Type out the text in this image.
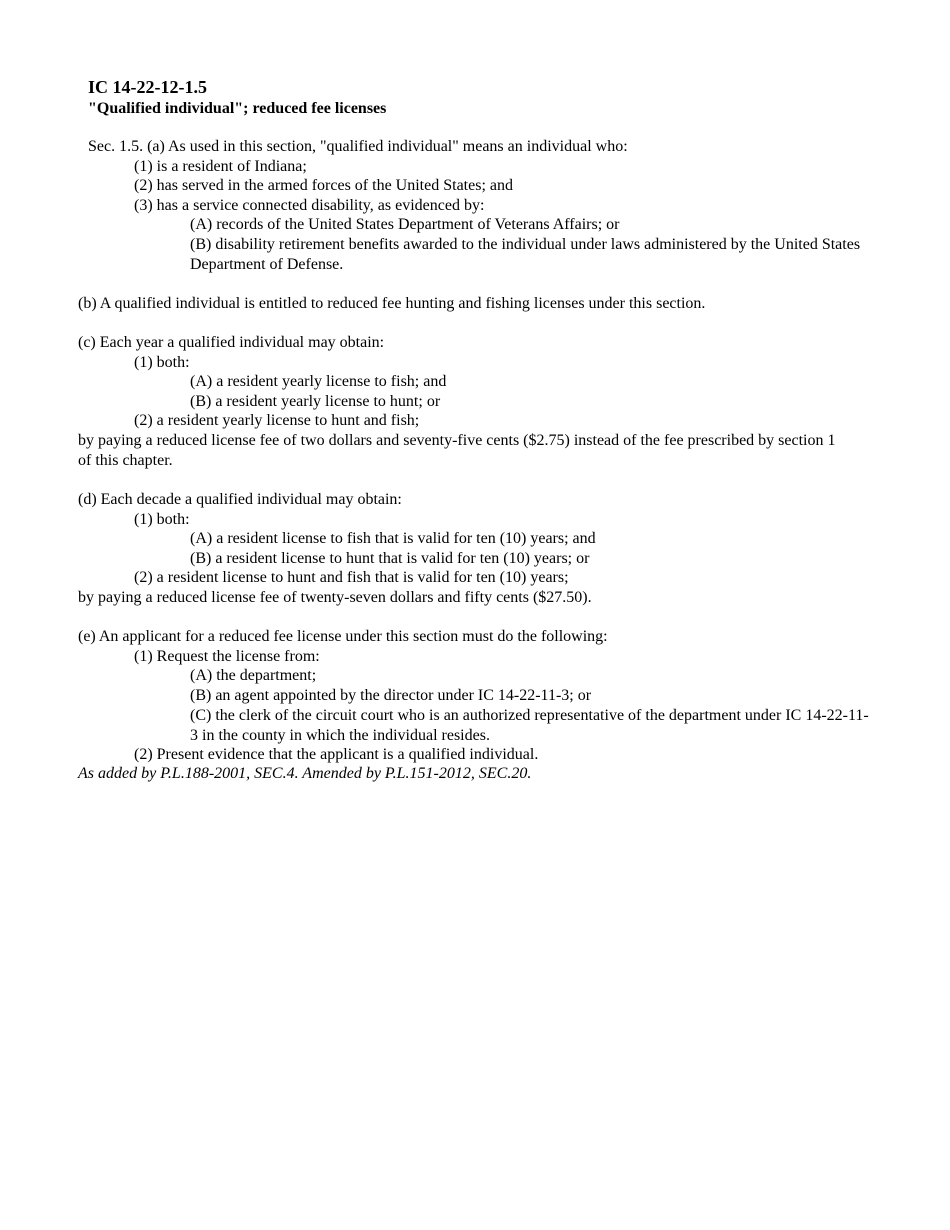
IC 14-22-12-1.5
"Qualified individual"; reduced fee licenses
Sec. 1.5. (a) As used in this section, "qualified individual" means an individual who:
(1) is a resident of Indiana;
(2) has served in the armed forces of the United States; and
(3) has a service connected disability, as evidenced by:
(A) records of the United States Department of Veterans Affairs; or
(B) disability retirement benefits awarded to the individual under laws administered by the United States Department of Defense.
(b) A qualified individual is entitled to reduced fee hunting and fishing licenses under this section.
(c) Each year a qualified individual may obtain:
(1) both:
(A) a resident yearly license to fish; and
(B) a resident yearly license to hunt; or
(2) a resident yearly license to hunt and fish;
by paying a reduced license fee of two dollars and seventy-five cents ($2.75) instead of the fee prescribed by section 1 of this chapter.
(d) Each decade a qualified individual may obtain:
(1) both:
(A) a resident license to fish that is valid for ten (10) years; and
(B) a resident license to hunt that is valid for ten (10) years; or
(2) a resident license to hunt and fish that is valid for ten (10) years;
by paying a reduced license fee of twenty-seven dollars and fifty cents ($27.50).
(e) An applicant for a reduced fee license under this section must do the following:
(1) Request the license from:
(A) the department;
(B) an agent appointed by the director under IC 14-22-11-3; or
(C) the clerk of the circuit court who is an authorized representative of the department under IC 14-22-11-3 in the county in which the individual resides.
(2) Present evidence that the applicant is a qualified individual.
As added by P.L.188-2001, SEC.4. Amended by P.L.151-2012, SEC.20.
